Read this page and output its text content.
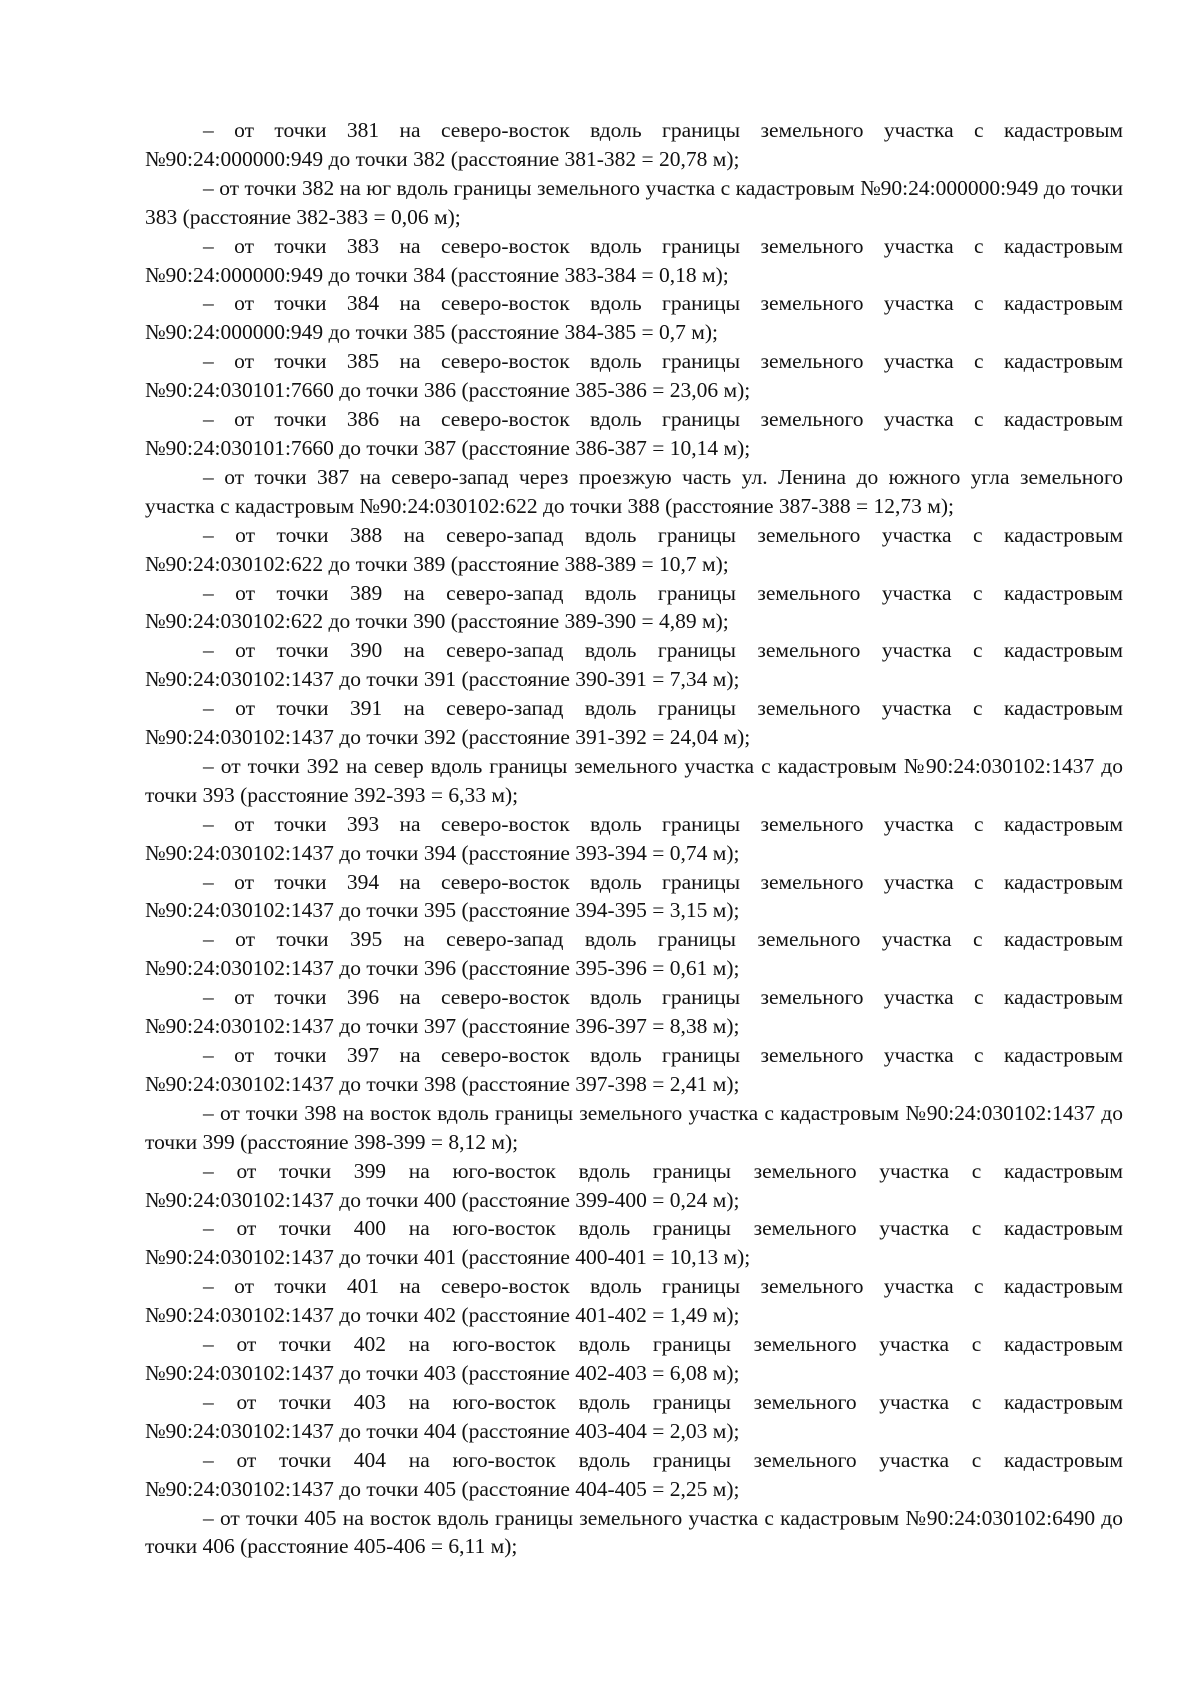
– от точки 381 на северо-восток вдоль границы земельного участка с кадастровым №90:24:000000:949 до точки 382 (расстояние 381-382 = 20,78 м);

– от точки 382 на юг вдоль границы земельного участка с кадастровым №90:24:000000:949 до точки 383 (расстояние 382-383 = 0,06 м);

– от точки 383 на северо-восток вдоль границы земельного участка с кадастровым №90:24:000000:949 до точки 384 (расстояние 383-384 = 0,18 м);

– от точки 384 на северо-восток вдоль границы земельного участка с кадастровым №90:24:000000:949 до точки 385 (расстояние 384-385 = 0,7 м);

– от точки 385 на северо-восток вдоль границы земельного участка с кадастровым №90:24:030101:7660 до точки 386 (расстояние 385-386 = 23,06 м);

– от точки 386 на северо-восток вдоль границы земельного участка с кадастровым №90:24:030101:7660 до точки 387 (расстояние 386-387 = 10,14 м);

– от точки 387 на северо-запад через проезжую часть ул. Ленина до южного угла земельного участка с кадастровым №90:24:030102:622 до точки 388 (расстояние 387-388 = 12,73 м);

– от точки 388 на северо-запад вдоль границы земельного участка с кадастровым №90:24:030102:622 до точки 389 (расстояние 388-389 = 10,7 м);

– от точки 389 на северо-запад вдоль границы земельного участка с кадастровым №90:24:030102:622 до точки 390 (расстояние 389-390 = 4,89 м);

– от точки 390 на северо-запад вдоль границы земельного участка с кадастровым №90:24:030102:1437 до точки 391 (расстояние 390-391 = 7,34 м);

– от точки 391 на северо-запад вдоль границы земельного участка с кадастровым №90:24:030102:1437 до точки 392 (расстояние 391-392 = 24,04 м);

– от точки 392 на север вдоль границы земельного участка с кадастровым №90:24:030102:1437 до точки 393 (расстояние 392-393 = 6,33 м);

– от точки 393 на северо-восток вдоль границы земельного участка с кадастровым №90:24:030102:1437 до точки 394 (расстояние 393-394 = 0,74 м);

– от точки 394 на северо-восток вдоль границы земельного участка с кадастровым №90:24:030102:1437 до точки 395 (расстояние 394-395 = 3,15 м);

– от точки 395 на северо-запад вдоль границы земельного участка с кадастровым №90:24:030102:1437 до точки 396 (расстояние 395-396 = 0,61 м);

– от точки 396 на северо-восток вдоль границы земельного участка с кадастровым №90:24:030102:1437 до точки 397 (расстояние 396-397 = 8,38 м);

– от точки 397 на северо-восток вдоль границы земельного участка с кадастровым №90:24:030102:1437 до точки 398 (расстояние 397-398 = 2,41 м);

– от точки 398 на восток вдоль границы земельного участка с кадастровым №90:24:030102:1437 до точки 399 (расстояние 398-399 = 8,12 м);

– от точки 399 на юго-восток вдоль границы земельного участка с кадастровым №90:24:030102:1437 до точки 400 (расстояние 399-400 = 0,24 м);

– от точки 400 на юго-восток вдоль границы земельного участка с кадастровым №90:24:030102:1437 до точки 401 (расстояние 400-401 = 10,13 м);

– от точки 401 на северо-восток вдоль границы земельного участка с кадастровым №90:24:030102:1437 до точки 402 (расстояние 401-402 = 1,49 м);

– от точки 402 на юго-восток вдоль границы земельного участка с кадастровым №90:24:030102:1437 до точки 403 (расстояние 402-403 = 6,08 м);

– от точки 403 на юго-восток вдоль границы земельного участка с кадастровым №90:24:030102:1437 до точки 404 (расстояние 403-404 = 2,03 м);

– от точки 404 на юго-восток вдоль границы земельного участка с кадастровым №90:24:030102:1437 до точки 405 (расстояние 404-405 = 2,25 м);

– от точки 405 на восток вдоль границы земельного участка с кадастровым №90:24:030102:6490 до точки 406 (расстояние 405-406 = 6,11 м);
